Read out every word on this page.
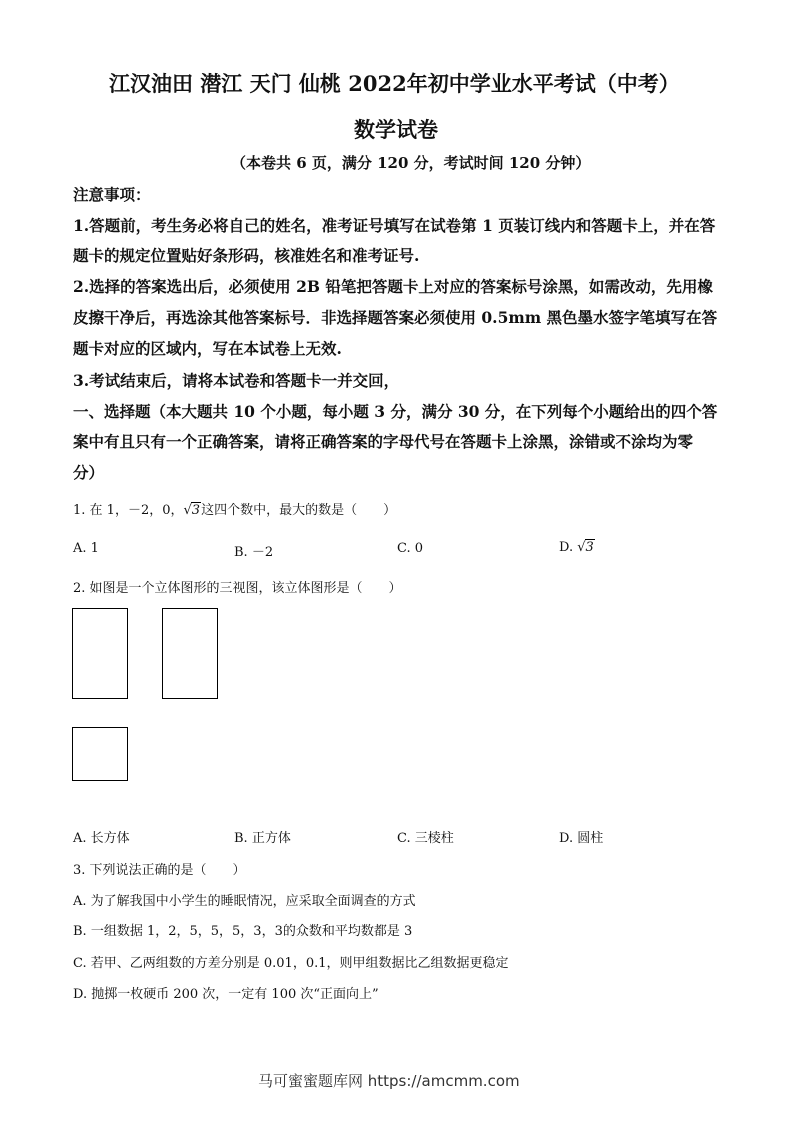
江汉油田 潜江 天门 仙桃 2022年初中学业水平考试（中考）
数学试卷
（本卷共 6 页，满分 120 分，考试时间 120 分钟）
注意事项：
1.答题前，考生务必将自己的姓名，准考证号填写在试卷第 1 页装订线内和答题卡上，并在答
题卡的规定位置贴好条形码，核准姓名和准考证号.
2.选择的答案选出后，必须使用 2B 铅笔把答题卡上对应的答案标号涂黑，如需改动，先用橡
皮擦干净后，再选涂其他答案标号．非选择题答案必须使用 0.5mm 黑色墨水签字笔填写在答
题卡对应的区域内，写在本试卷上无效.
3.考试结束后，请将本试卷和答题卡一并交回，
一、选择题（本大题共 10 个小题，每小题 3 分，满分 30 分，在下列每个小题给出的四个答
案中有且只有一个正确答案，请将正确答案的字母代号在答题卡上涂黑，涂错或不涂均为零
分）
1. 在 1，－2，0，√3这四个数中，最大的数是（　　）
A. 1	B. －2	C. 0	D. √3
2. 如图是一个立体图形的三视图，该立体图形是（　　）
A. 长方体	B. 正方体	C. 三棱柱	D. 圆柱
3. 下列说法正确的是（　　）
A. 为了解我国中小学生的睡眠情况，应采取全面调查的方式
B. 一组数据 1，2，5，5，5，3，3的众数和平均数都是 3
C. 若甲、乙两组数的方差分别是 0.01，0.1，则甲组数据比乙组数据更稳定
D. 抛掷一枚硬币 200 次，一定有 100 次“正面向上”
马可蜜蜜题库网 https://amcmm.com
